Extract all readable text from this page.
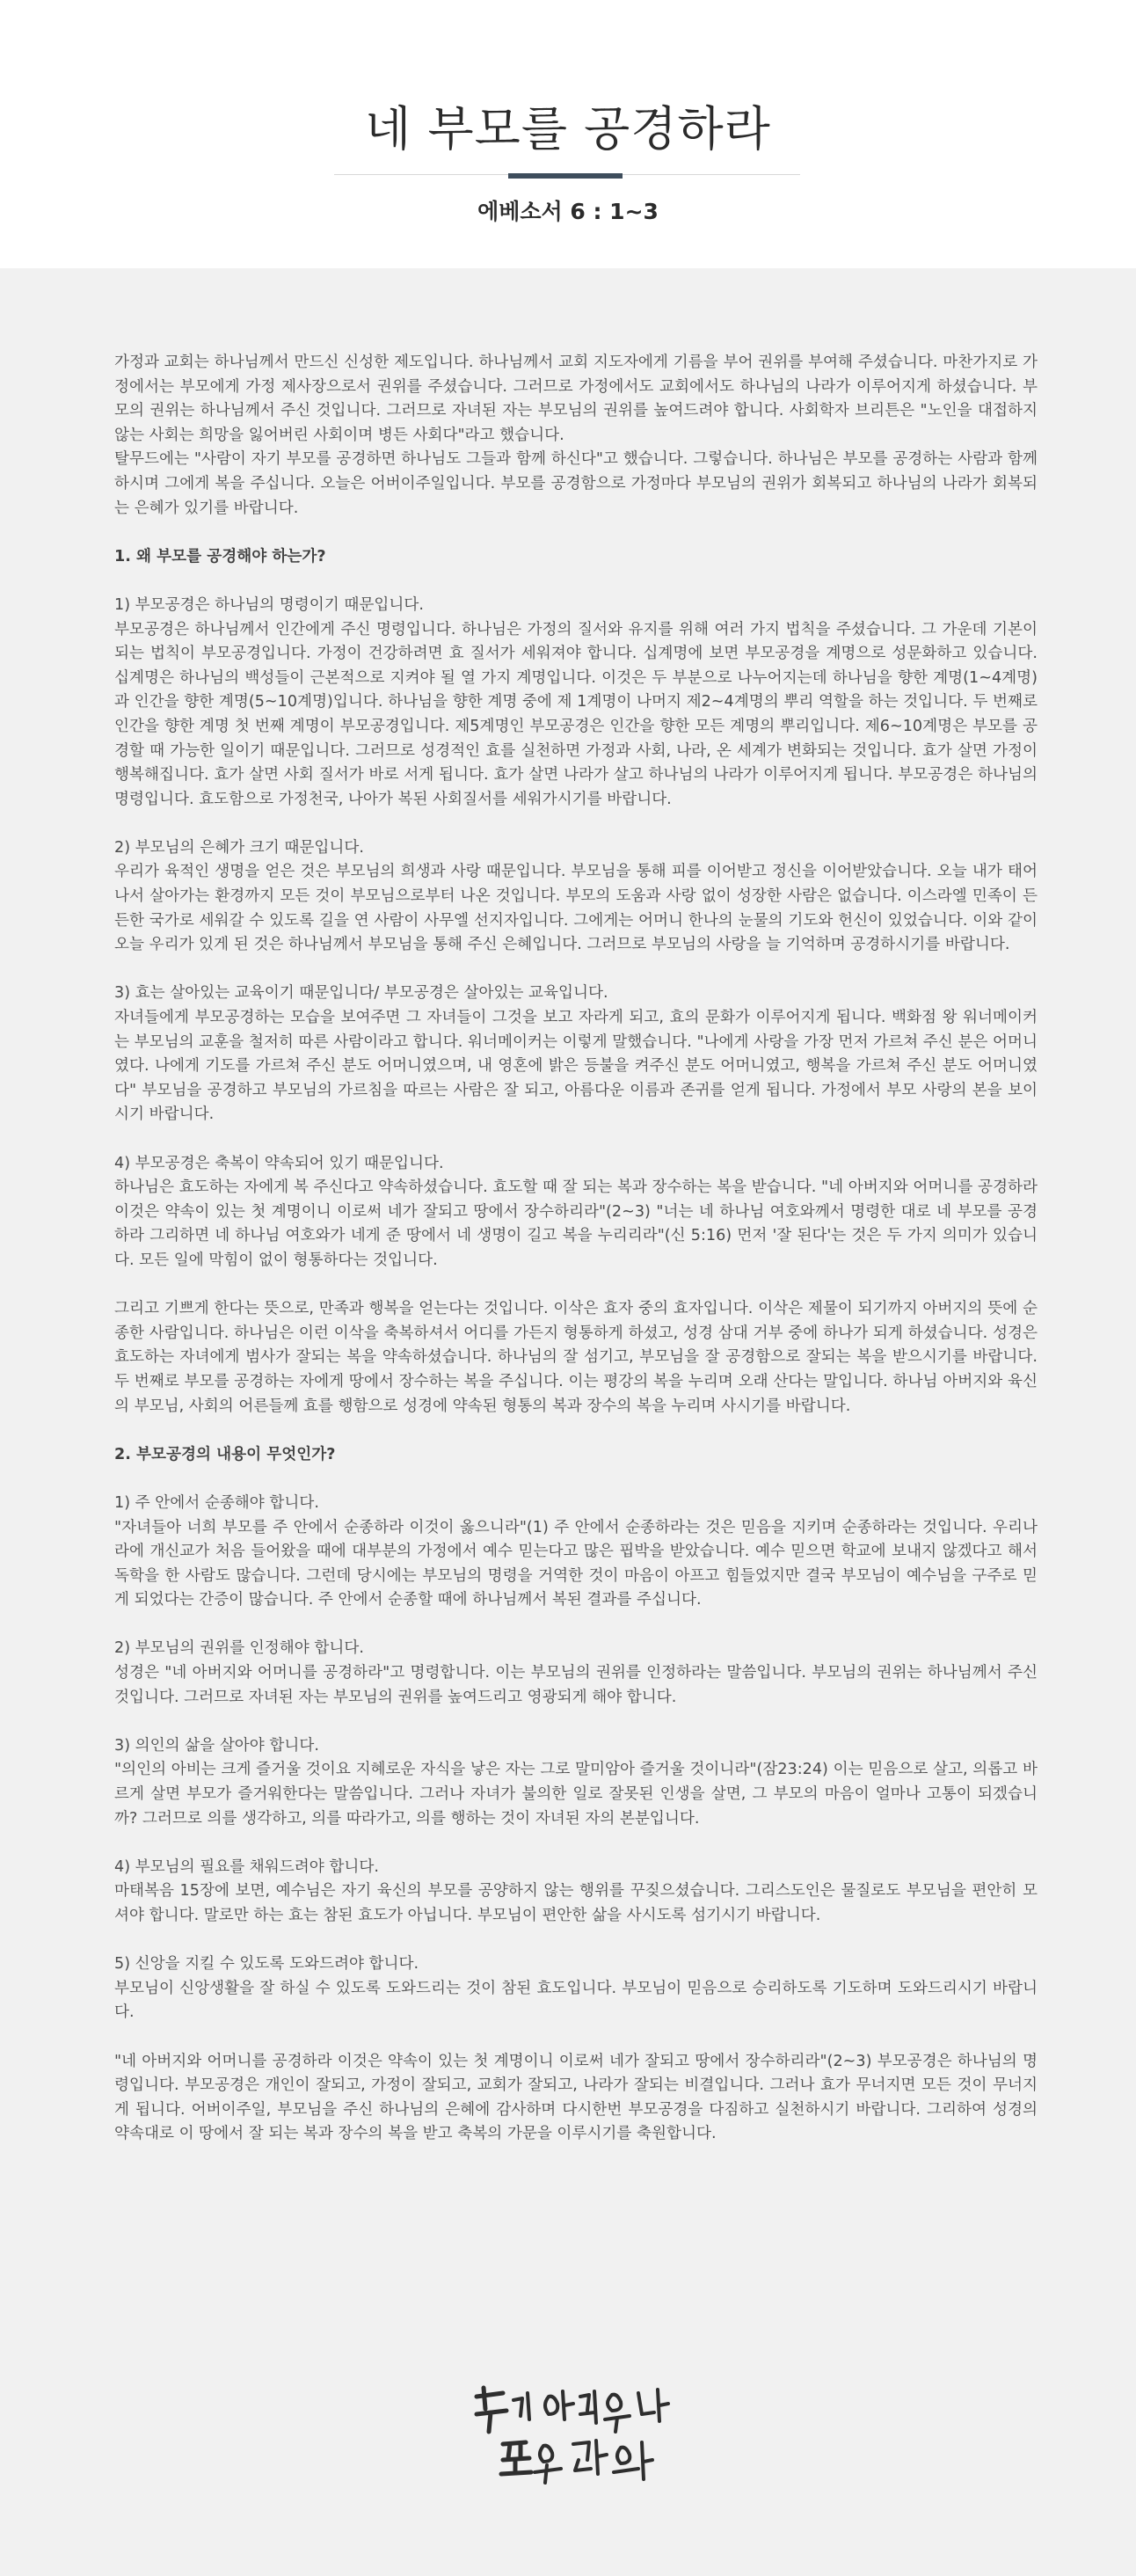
네 부모를 공경하라
에베소서 6 : 1~3

가정과 교회는 하나님께서 만드신 신성한 제도입니다. 하나님께서 교회 지도자에게 기름을 부어 권위를 부여해 주셨습니다. 마찬가지로 가정에서는 부모에게 가정 제사장으로서 권위를 주셨습니다. 그러므로 가정에서도 교회에서도 하나님의 나라가 이루어지게 하셨습니다. 부모의 권위는 하나님께서 주신 것입니다. 그러므로 자녀된 자는 부모님의 권위를 높여드려야 합니다. 사회학자 브리튼은 "노인을 대접하지 않는 사회는 희망을 잃어버린 사회이며 병든 사회다"라고 했습니다.

탈무드에는 "사람이 자기 부모를 공경하면 하나님도 그들과 함께 하신다"고 했습니다. 그렇습니다. 하나님은 부모를 공경하는 사람과 함께 하시며 그에게 복을 주십니다. 오늘은 어버이주일입니다. 부모를 공경함으로 가정마다 부모님의 권위가 회복되고 하나님의 나라가 회복되는 은혜가 있기를 바랍니다.

1. 왜 부모를 공경해야 하는가?

1) 부모공경은 하나님의 명령이기 때문입니다.

부모공경은 하나님께서 인간에게 주신 명령입니다. 하나님은 가정의 질서와 유지를 위해 여러 가지 법칙을 주셨습니다. 그 가운데 기본이 되는 법칙이 부모공경입니다. 가정이 건강하려면 효 질서가 세워져야 합니다. 십계명에 보면 부모공경을 계명으로 성문화하고 있습니다. 십계명은 하나님의 백성들이 근본적으로 지켜야 될 열 가지 계명입니다. 이것은 두 부분으로 나누어지는데 하나님을 향한 계명(1~4계명)과 인간을 향한 계명(5~10계명)입니다. 하나님을 향한 계명 중에 제 1계명이 나머지 제2~4계명의 뿌리 역할을 하는 것입니다. 두 번째로 인간을 향한 계명 첫 번째 계명이 부모공경입니다. 제5계명인 부모공경은 인간을 향한 모든 계명의 뿌리입니다. 제6~10계명은 부모를 공경할 때 가능한 일이기 때문입니다. 그러므로 성경적인 효를 실천하면 가정과 사회, 나라, 온 세계가 변화되는 것입니다. 효가 살면 가정이 행복해집니다. 효가 살면 사회 질서가 바로 서게 됩니다. 효가 살면 나라가 살고 하나님의 나라가 이루어지게 됩니다. 부모공경은 하나님의 명령입니다. 효도함으로 가정천국, 나아가 복된 사회질서를 세워가시기를 바랍니다.

2) 부모님의 은혜가 크기 때문입니다.

우리가 육적인 생명을 얻은 것은 부모님의 희생과 사랑 때문입니다. 부모님을 통해 피를 이어받고 정신을 이어받았습니다. 오늘 내가 태어나서 살아가는 환경까지 모든 것이 부모님으로부터 나온 것입니다. 부모의 도움과 사랑 없이 성장한 사람은 없습니다. 이스라엘 민족이 든든한 국가로 세워갈 수 있도록 길을 연 사람이 사무엘 선지자입니다. 그에게는 어머니 한나의 눈물의 기도와 헌신이 있었습니다. 이와 같이 오늘 우리가 있게 된 것은 하나님께서 부모님을 통해 주신 은혜입니다. 그러므로 부모님의 사랑을 늘 기억하며 공경하시기를 바랍니다.

3) 효는 살아있는 교육이기 때문입니다/ 부모공경은 살아있는 교육입니다.

자녀들에게 부모공경하는 모습을 보여주면 그 자녀들이 그것을 보고 자라게 되고, 효의 문화가 이루어지게 됩니다. 백화점 왕 워너메이커는 부모님의 교훈을 철저히 따른 사람이라고 합니다. 워너메이커는 이렇게 말했습니다. "나에게 사랑을 가장 먼저 가르쳐 주신 분은 어머니였다. 나에게 기도를 가르쳐 주신 분도 어머니였으며, 내 영혼에 밝은 등불을 켜주신 분도 어머니였고, 행복을 가르쳐 주신 분도 어머니였다" 부모님을 공경하고 부모님의 가르침을 따르는 사람은 잘 되고, 아름다운 이름과 존귀를 얻게 됩니다. 가정에서 부모 사랑의 본을 보이시기 바랍니다.

4) 부모공경은 축복이 약속되어 있기 때문입니다.

하나님은 효도하는 자에게 복 주신다고 약속하셨습니다. 효도할 때 잘 되는 복과 장수하는 복을 받습니다. "네 아버지와 어머니를 공경하라 이것은 약속이 있는 첫 계명이니 이로써 네가 잘되고 땅에서 장수하리라"(2~3) "너는 네 하나님 여호와께서 명령한 대로 네 부모를 공경하라 그리하면 네 하나님 여호와가 네게 준 땅에서 네 생명이 길고 복을 누리리라"(신 5:16) 먼저 '잘 된다'는 것은 두 가지 의미가 있습니다. 모든 일에 막힘이 없이 형통하다는 것입니다.

그리고 기쁘게 한다는 뜻으로, 만족과 행복을 얻는다는 것입니다. 이삭은 효자 중의 효자입니다. 이삭은 제물이 되기까지 아버지의 뜻에 순종한 사람입니다. 하나님은 이런 이삭을 축복하셔서 어디를 가든지 형통하게 하셨고, 성경 삼대 거부 중에 하나가 되게 하셨습니다. 성경은 효도하는 자녀에게 범사가 잘되는 복을 약속하셨습니다. 하나님의 잘 섬기고, 부모님을 잘 공경함으로 잘되는 복을 받으시기를 바랍니다. 두 번째로 부모를 공경하는 자에게 땅에서 장수하는 복을 주십니다. 이는 평강의 복을 누리며 오래 산다는 말입니다. 하나님 아버지와 육신의 부모님, 사회의 어른들께 효를 행함으로 성경에 약속된 형통의 복과 장수의 복을 누리며 사시기를 바랍니다.

2. 부모공경의 내용이 무엇인가?

1) 주 안에서 순종해야 합니다.

"자녀들아 너희 부모를 주 안에서 순종하라 이것이 옳으니라"(1) 주 안에서 순종하라는 것은 믿음을 지키며 순종하라는 것입니다. 우리나라에 개신교가 처음 들어왔을 때에 대부분의 가정에서 예수 믿는다고 많은 핍박을 받았습니다. 예수 믿으면 학교에 보내지 않겠다고 해서 독학을 한 사람도 많습니다. 그런데 당시에는 부모님의 명령을 거역한 것이 마음이 아프고 힘들었지만 결국 부모님이 예수님을 구주로 믿게 되었다는 간증이 많습니다. 주 안에서 순종할 때에 하나님께서 복된 결과를 주십니다.

2) 부모님의 권위를 인정해야 합니다.

성경은 "네 아버지와 어머니를 공경하라"고 명령합니다. 이는 부모님의 권위를 인정하라는 말씀입니다. 부모님의 권위는 하나님께서 주신 것입니다. 그러므로 자녀된 자는 부모님의 권위를 높여드리고 영광되게 해야 합니다.

3) 의인의 삶을 살아야 합니다.

"의인의 아비는 크게 즐거울 것이요 지혜로운 자식을 낳은 자는 그로 말미암아 즐거울 것이니라"(잠23:24) 이는 믿음으로 살고, 의롭고 바르게 살면 부모가 즐거워한다는 말씀입니다. 그러나 자녀가 불의한 일로 잘못된 인생을 살면, 그 부모의 마음이 얼마나 고통이 되겠습니까? 그러므로 의를 생각하고, 의를 따라가고, 의를 행하는 것이 자녀된 자의 본분입니다.

4) 부모님의 필요를 채워드려야 합니다.

마태복음 15장에 보면, 예수님은 자기 육신의 부모를 공양하지 않는 행위를 꾸짖으셨습니다. 그리스도인은 물질로도 부모님을 편안히 모셔야 합니다. 말로만 하는 효는 참된 효도가 아닙니다. 부모님이 편안한 삶을 사시도록 섬기시기 바랍니다.

5) 신앙을 지킬 수 있도록 도와드려야 합니다.

부모님이 신앙생활을 잘 하실 수 있도록 도와드리는 것이 참된 효도입니다. 부모님이 믿음으로 승리하도록 기도하며 도와드리시기 바랍니다.

"네 아버지와 어머니를 공경하라 이것은 약속이 있는 첫 계명이니 이로써 네가 잘되고 땅에서 장수하리라"(2~3) 부모공경은 하나님의 명령입니다. 부모공경은 개인이 잘되고, 가정이 잘되고, 교회가 잘되고, 나라가 잘되는 비결입니다. 그러나 효가 무너지면 모든 것이 무너지게 됩니다. 어버이주일, 부모님을 주신 하나님의 은혜에 감사하며 다시한번 부모공경을 다짐하고 실천하시기 바랍니다. 그리하여 성경의 약속대로 이 땅에서 잘 되는 복과 장수의 복을 받고 축복의 가문을 이루시기를 축원합니다.
